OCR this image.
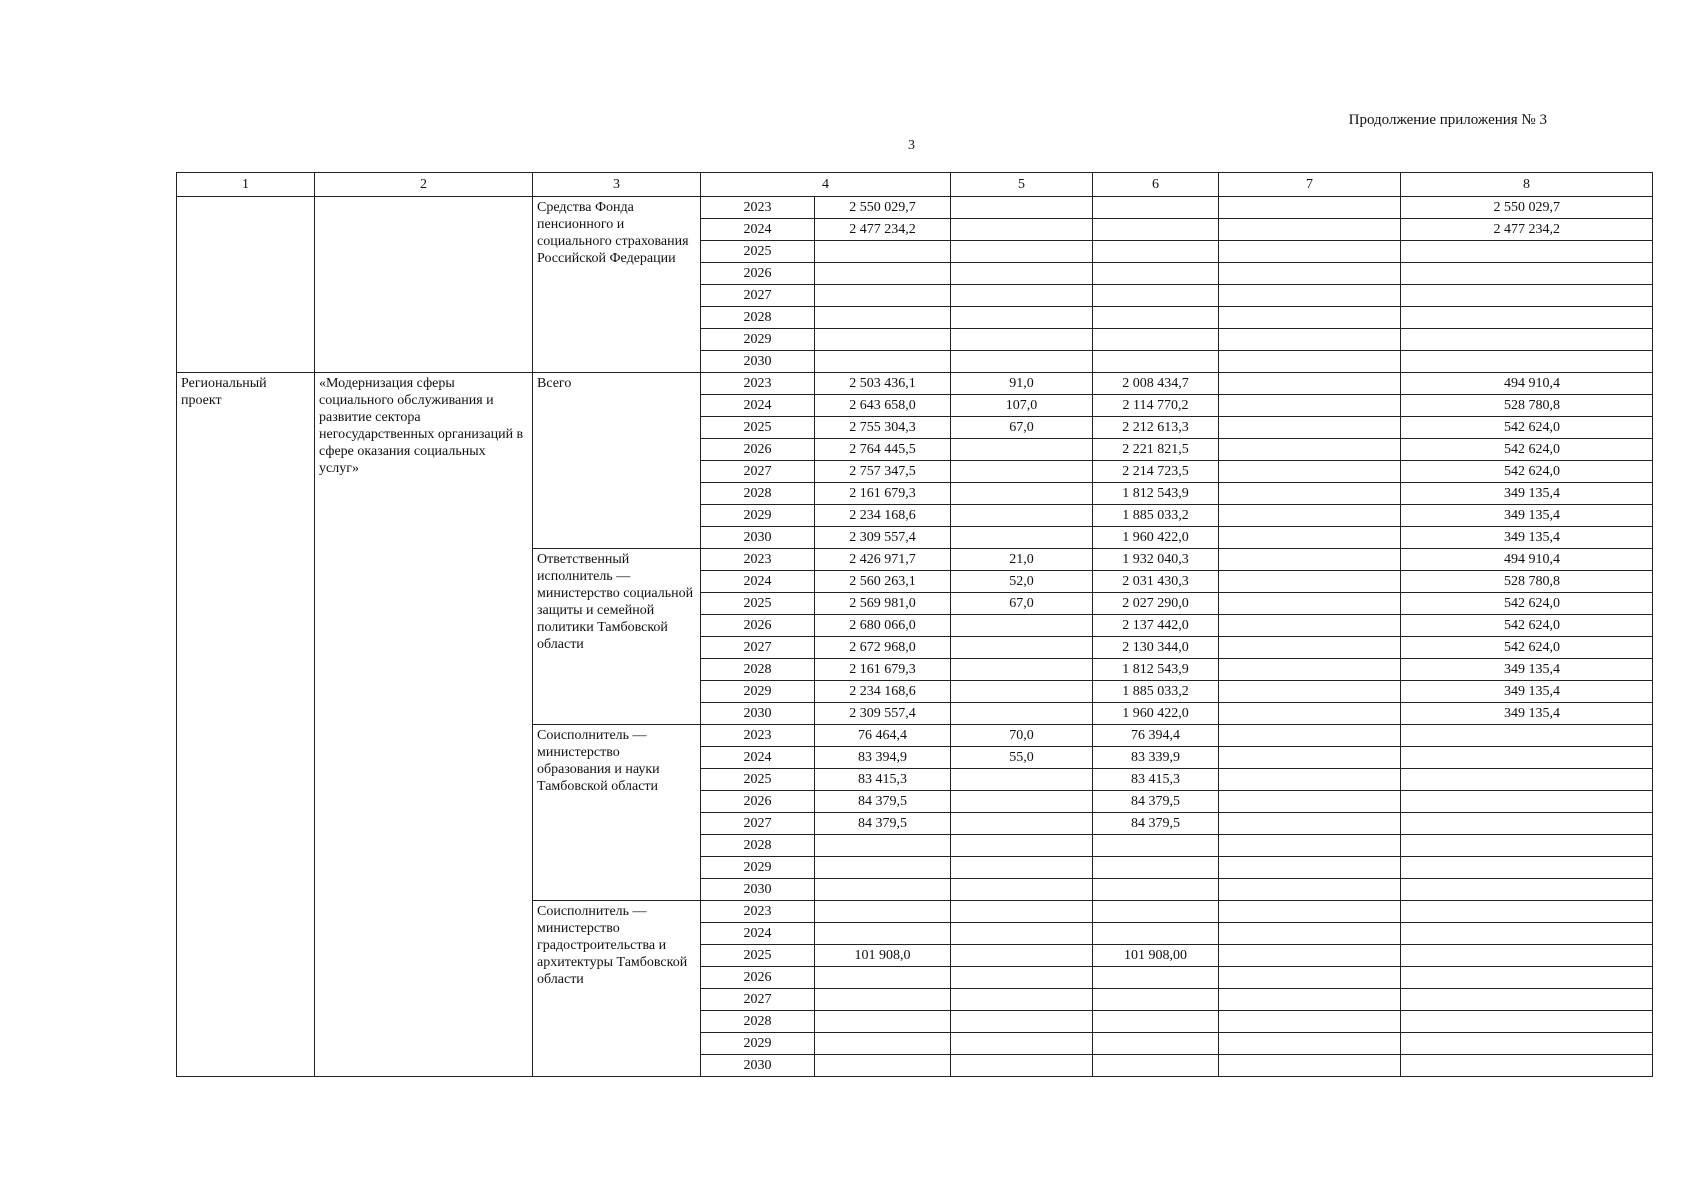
Продолжение приложения № 3
3
1	2	3	4		5	6	7	8
		Средства Фонда пенсионного и социального страхования Российской Федерации	2023	2 550 029,7				2 550 029,7
			2024	2 477 234,2				2 477 234,2
			2025					
			2026					
			2027					
			2028					
			2029					
			2030					
Региональный проект	«Модернизация сферы социального обслуживания и развитие сектора негосударственных организаций в сфере оказания социальных услуг»	Всего	2023	2 503 436,1	91,0	2 008 434,7		494 910,4
			2024	2 643 658,0	107,0	2 114 770,2		528 780,8
			2025	2 755 304,3	67,0	2 212 613,3		542 624,0
			2026	2 764 445,5		2 221 821,5		542 624,0
			2027	2 757 347,5		2 214 723,5		542 624,0
			2028	2 161 679,3		1 812 543,9		349 135,4
			2029	2 234 168,6		1 885 033,2		349 135,4
			2030	2 309 557,4		1 960 422,0		349 135,4
		Ответственный исполнитель — министерство социальной защиты и семейной политики Тамбовской области	2023	2 426 971,7	21,0	1 932 040,3		494 910,4
			2024	2 560 263,1	52,0	2 031 430,3		528 780,8
			2025	2 569 981,0	67,0	2 027 290,0		542 624,0
			2026	2 680 066,0		2 137 442,0		542 624,0
			2027	2 672 968,0		2 130 344,0		542 624,0
			2028	2 161 679,3		1 812 543,9		349 135,4
			2029	2 234 168,6		1 885 033,2		349 135,4
			2030	2 309 557,4		1 960 422,0		349 135,4
		Соисполнитель — министерство образования и науки Тамбовской области	2023	76 464,4	70,0	76 394,4		
			2024	83 394,9	55,0	83 339,9		
			2025	83 415,3		83 415,3		
			2026	84 379,5		84 379,5		
			2027	84 379,5		84 379,5		
			2028					
			2029					
			2030					
		Соисполнитель — министерство градостроительства и архитектуры Тамбовской области	2023					
			2024					
			2025	101 908,0		101 908,00		
			2026					
			2027					
			2028					
			2029					
			2030					
